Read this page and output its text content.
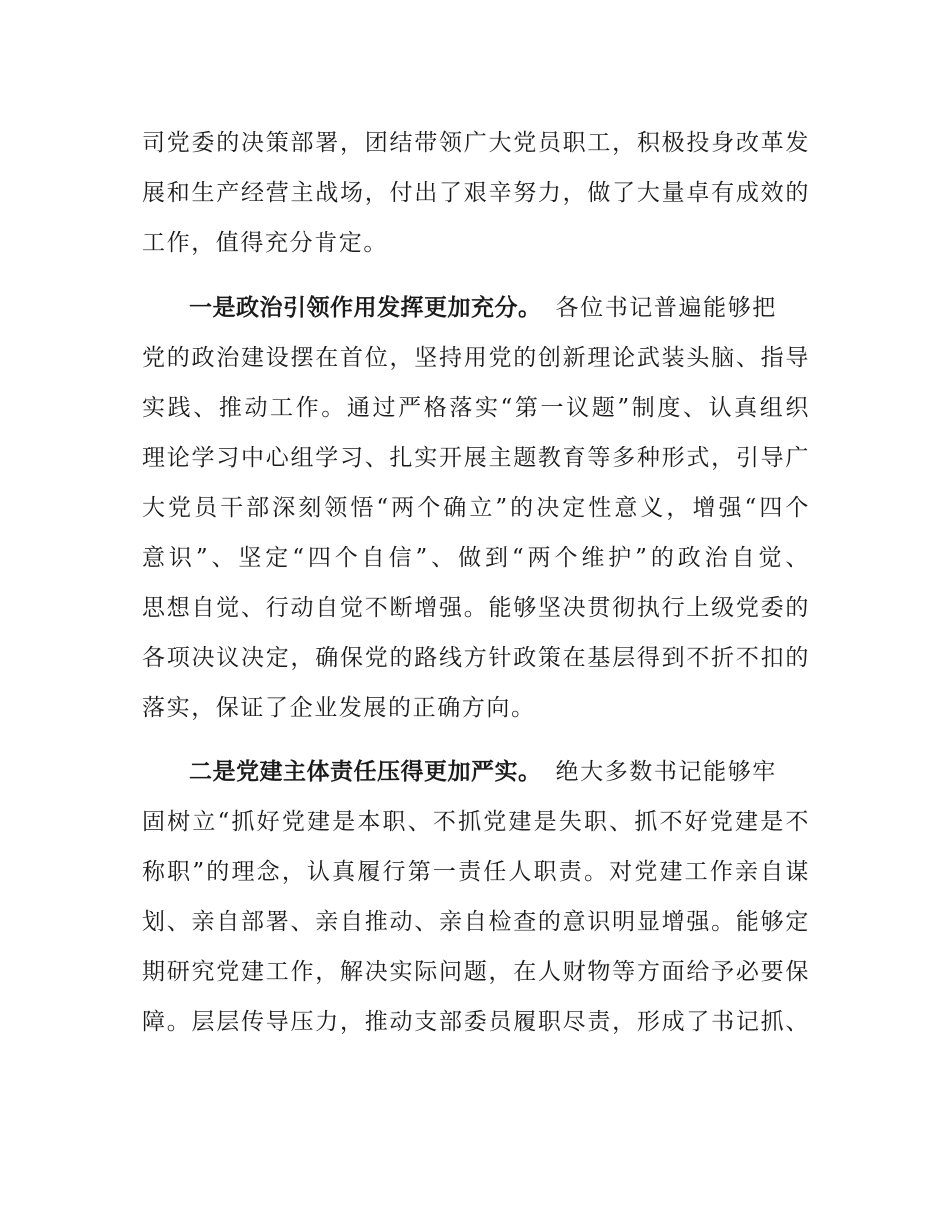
司党委的决策部署，团结带领广大党员职工，积极投身改革发
展和生产经营主战场，付出了艰辛努力，做了大量卓有成效的
工作，值得充分肯定。
一是政治引领作用发挥更加充分。 各位书记普遍能够把
党的政治建设摆在首位，坚持用党的创新理论武装头脑、指导
实践、推动工作。通过严格落实“第一议题”制度、认真组织
理论学习中心组学习、扎实开展主题教育等多种形式，引导广
大党员干部深刻领悟“两个确立”的决定性意义，增强“四个
意识”、坚定“四个自信”、做到“两个维护”的政治自觉、
思想自觉、行动自觉不断增强。能够坚决贯彻执行上级党委的
各项决议决定，确保党的路线方针政策在基层得到不折不扣的
落实，保证了企业发展的正确方向。
二是党建主体责任压得更加严实。 绝大多数书记能够牢
固树立“抓好党建是本职、不抓党建是失职、抓不好党建是不
称职”的理念，认真履行第一责任人职责。对党建工作亲自谋
划、亲自部署、亲自推动、亲自检查的意识明显增强。能够定
期研究党建工作，解决实际问题，在人财物等方面给予必要保
障。层层传导压力，推动支部委员履职尽责，形成了书记抓、
